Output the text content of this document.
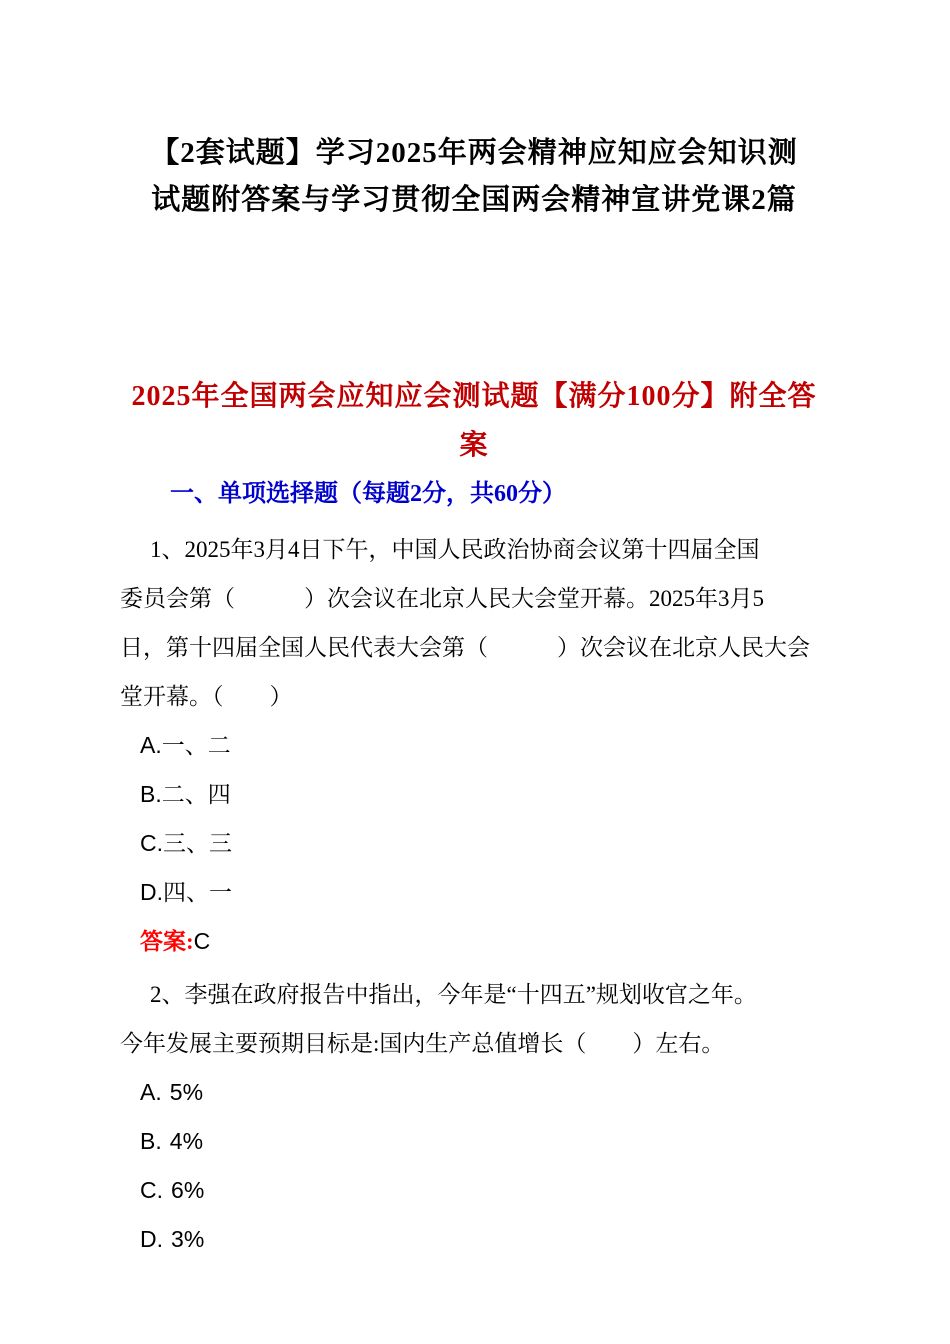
【2套试题】学习2025年两会精神应知应会知识测
试题附答案与学习贯彻全国两会精神宣讲党课2篇
2025年全国两会应知应会测试题【满分100分】附全答案
一、单项选择题（每题2分，共60分）
1、2025年3月4日下午，中国人民政治协商会议第十四届全国
委员会第（　　　）次会议在北京人民大会堂开幕。2025年3月5
日，第十四届全国人民代表大会第（　　　）次会议在北京人民大会
堂开幕。（　　）
A.一、二
B.二、四
C.三、三
D.四、一
答案:C
2、李强在政府报告中指出，今年是“十四五”规划收官之年。
今年发展主要预期目标是:国内生产总值增长（　　）左右。
A. 5%
B. 4%
C. 6%
D. 3%
